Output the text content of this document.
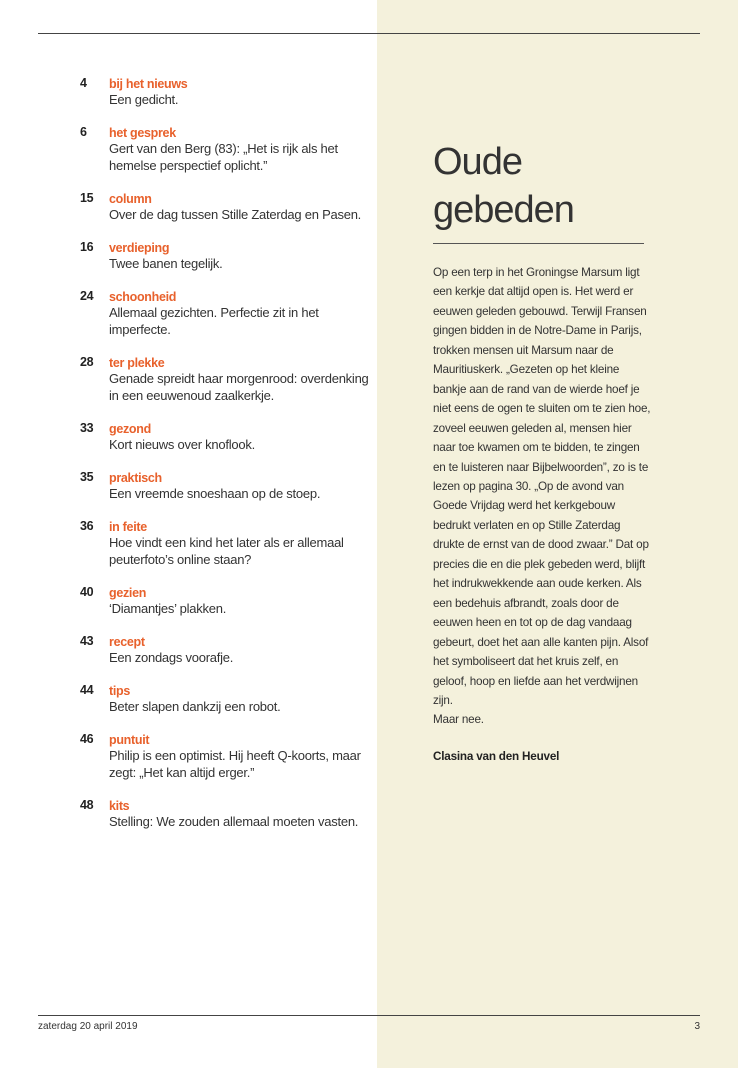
4	bij het nieuws
Een gedicht.
6	het gesprek
Gert van den Berg (83): „Het is rijk als het hemelse perspectief oplicht.”
15	column
Over de dag tussen Stille Zaterdag en Pasen.
16	verdieping
Twee banen tegelijk.
24	schoonheid
Allemaal gezichten. Perfectie zit in het imperfecte.
28	ter plekke
Genade spreidt haar morgenrood: overdenking in een eeuwenoud zaalkerkje.
33	gezond
Kort nieuws over knoflook.
35	praktisch
Een vreemde snoeshaan op de stoep.
36	in feite
Hoe vindt een kind het later als er allemaal peuterfoto’s online staan?
40	gezien
‘Diamantjes’ plakken.
43	recept
Een zondags voorafje.
44	tips
Beter slapen dankzij een robot.
46	puntuit
Philip is een optimist. Hij heeft Q-koorts, maar zegt: „Het kan altijd erger.”
48	kits
Stelling: We zouden allemaal moeten vasten.
Oude gebeden
Op een terp in het Groningse Marsum ligt een kerkje dat altijd open is. Het werd er eeuwen geleden gebouwd. Terwijl Fransen gingen bidden in de Notre-Dame in Parijs, trokken mensen uit Marsum naar de Mauritiuskerk. „Gezeten op het kleine bankje aan de rand van de wierde hoef je niet eens de ogen te sluiten om te zien hoe, zoveel eeuwen geleden al, mensen hier naar toe kwamen om te bidden, te zingen en te luisteren naar Bijbelwoorden”, zo is te lezen op pagina 30. „Op de avond van Goede Vrijdag werd het kerkgebouw bedrukt verlaten en op Stille Zaterdag drukte de ernst van de dood zwaar.” Dat op precies die en die plek gebeden werd, blijft het indrukwekkende aan oude kerken. Als een bedehuis afbrandt, zoals door de eeuwen heen en tot op de dag vandaag gebeurt, doet het aan alle kanten pijn. Alsof het symboliseert dat het kruis zelf, en geloof, hoop en liefde aan het verdwijnen zijn.
Maar nee.
Clasina van den Heuvel
zaterdag 20 april 2019	3
